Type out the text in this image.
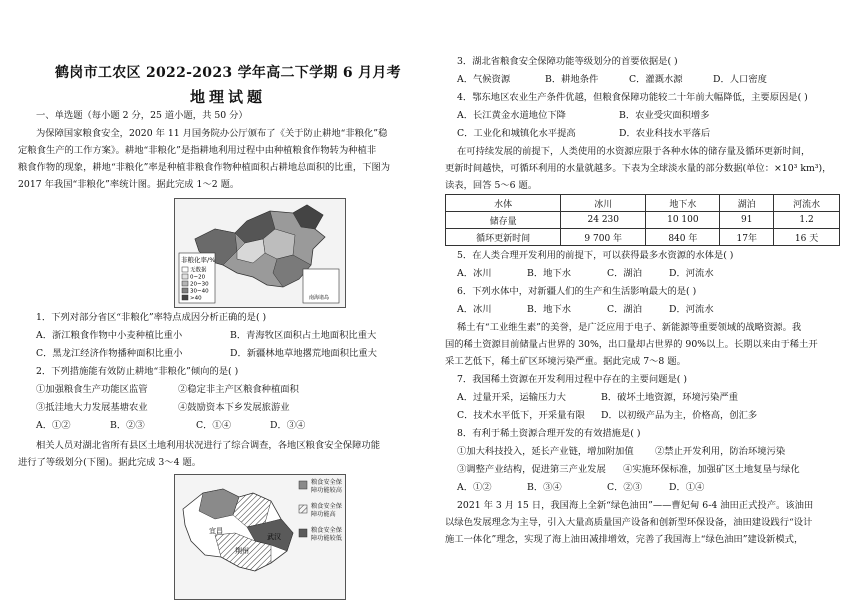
鹤岗市工农区 2022-2023 学年高二下学期 6 月月考
地理试题
一、单选题（每小题 2 分，25 道小题，共 50 分）
为保障国家粮食安全，2020 年 11 月国务院办公厅颁布了《关于防止耕地“非粮化”稳
定粮食生产的工作方案》。耕地“非粮化”是指耕地利用过程中由种植粮食作物转为种植非
粮食作物的现象，耕地“非粮化”率是种植非粮食作物种植面积占耕地总面积的比重，下图为
2017 年我国“非粮化”率统计图。据此完成 1～2 题。
非粮化率/%
无数据
0~20
20~30
30~40
>40	南海诸岛
1．下列对部分省区“非粮化”率特点成因分析正确的是( )
A．浙江粮食作物中小麦种植比重小	B．青海牧区面积占土地面积比重大
C．黑龙江经济作物播种面积比重小	D．新疆林地草地撂荒地面积比重大
2．下列措施能有效防止耕地“非粮化”倾向的是( )
①加强粮食生产功能区监管	②稳定非主产区粮食种植面积
③抵洼地大力发展基塘农业	④鼓励资本下乡发展旅游业
A．①②	B．②③	C．①④	D．③④
相关人员对湖北省所有县区土地利用状况进行了综合调查，各地区粮食安全保障功能
进行了等级划分(下图)。据此完成 3～4 题。
宜昌
武汉
荆州
粮食安全保障功能较高
粮食安全保障功能高
粮食安全保障功能较低
3．湖北省粮食安全保障功能等级划分的首要依据是( )
A．气候资源	B．耕地条件	C．灌溉水源	D．人口密度
4．鄂东地区农业生产条件优越，但粮食保障功能较二十年前大幅降低，主要原因是( )
A．长江黄金水道地位下降	B．农业受灾面积增多
C．工业化和城镇化水平提高	D．农业科技水平落后
在可持续发展的前提下，人类使用的水资源应限于各种水体的储存量及循环更新时间，
更新时间越快，可循环利用的水量就越多。下表为全球淡水量的部分数据(单位：×10³ km³)，
读表，回答 5～6 题。
水体	冰川	地下水	湖泊	河流水
储存量	24 230	10 100	91	1.2
循环更新时间	9 700 年	840 年	17年	16 天
5．在人类合理开发利用的前提下，可以获得最多水资源的水体是( )
A．冰川	B．地下水	C．湖泊	D．河流水
6．下列水体中，对新疆人们的生产和生活影响最大的是( )
A．冰川	B．地下水	C．湖泊	D．河流水
稀土有“工业维生素”的美誉，是广泛应用于电子、新能源等重要领域的战略资源。我
国的稀土资源目前储量占世界的 30%，出口量却占世界的 90%以上。长期以来由于稀土开
采工艺低下，稀土矿区环境污染严重。据此完成 7～8 题。
7．我国稀土资源在开发利用过程中存在的主要问题是( )
A．过量开采，运输压力大	B．破坏土地资源，环境污染严重
C．技术水平低下，开采量有限 D．以初级产品为主，价格高，创汇多
8．有利于稀土资源合理开发的有效措施是( )
①加大科技投入，延长产业链，增加附加值 ②禁止开发利用，防治环境污染
③调整产业结构，促进第三产业发展 ④实施环保标准，加强矿区土地复垦与绿化
A．①②	B．③④	C．②③	D．①④
2021 年 3 月 15 日，我国海上全新“绿色油田”——曹妃甸 6-4 油田正式投产。该油田
以绿色发展理念为主导，引入大量高质量国产设备和创新型环保设备，油田建设践行“设计
施工一体化”理念，实现了海上油田减排增效，完善了我国海上“绿色油田”建设新模式，
